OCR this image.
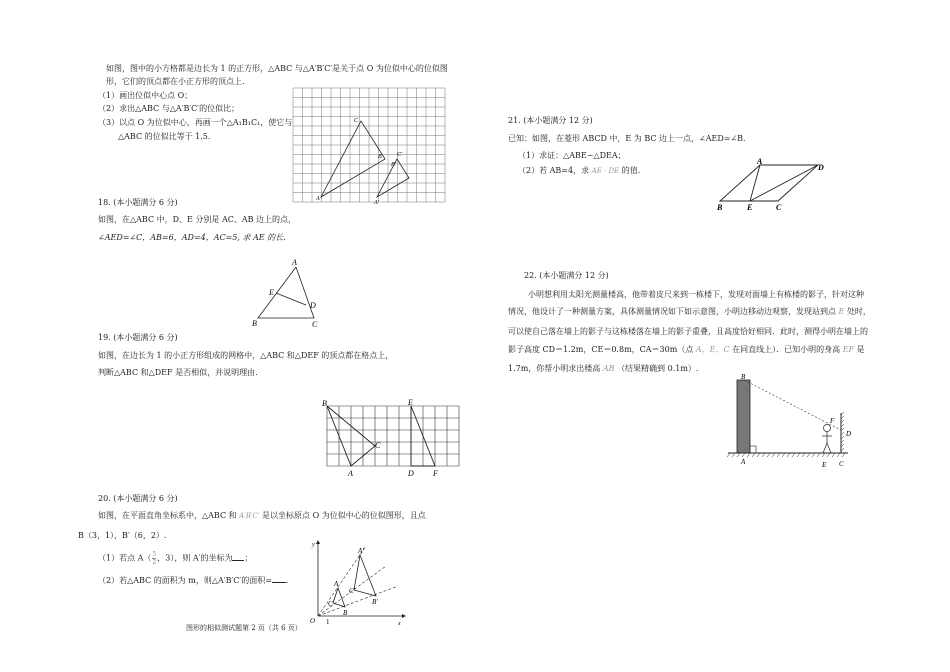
如图，图中的小方格都是边长为 1 的正方形，△ABC 与△A′B′C′是关于点 O 为位似中心的位似图
形，它们的顶点都在小正方形的顶点上.
（1）画出位似中心点 O；
（2）求出△ABC 与△A′B′C′的位似比；
（3）以点 O 为位似中心，再画一个△A₁B₁C₁，使它与
△ABC 的位似比等于 1.5.
A
B
C
A′
B′
C′
18. (本小题满分 6 分)
如图，在△ABC 中，D、E 分别是 AC、AB 边上的点，
∠AED=∠C，AB=6，AD=4，AC=5, 求 AE 的长.
A
B	C
D
E
19. (本小题满分 6 分)
如图，在边长为 1 的小正方形组成的网格中，△ABC 和△DEF 的顶点都在格点上，
判断△ABC 和△DEF 是否相似，并说明理由.
B
A
C
E
D F
20. (本小题满分 6 分)
如图，在平面直角坐标系中，△ABC 和 A′B′C′ 是以坐标原点 O 为位似中心的位似图形，且点
B（3，1），B′（6，2）.
（1）若点 $A( \frac{5}{2}$ ，3），则 A′的坐标为 ；
（2）若△ABC 的面积为 m，则△A′B′C′的面积= .
y
x
O 1
A
B
C
A′
B′
C′
图形的相似测试题第 2 页（共 6 页）
21. (本小题满分 12 分)
已知：如图，在菱形 ABCD 中，E 为 BC 边上一点，∠AED=∠B.
（1）求证：△ABE∽△DEA；
（2）若 AB=4，求 AE · DE 的值.
A
D
B	E	C
22. (本小题满分 12 分)
小明想利用太阳光测量楼高，他带着皮尺来到一栋楼下，发现对面墙上有栋楼的影子，针对这种
情况，他设计了一种测量方案，具体测量情况如下如示意图，小明边移动边观察，发现站到点 E 处时，
可以使自己落在墙上的影子与这栋楼落在墙上的影子重叠，且高度恰好相同．此时，测得小明在墙上的
影子高度 CD＝1.2m，CE＝0.8m，CA＝30m（点 A、E、C 在同直线上）．已知小明的身高 EF 是
1.7m，你帮小明求出楼高 AB （结果精确到 0.1m）.
B
A
F
D
E C
